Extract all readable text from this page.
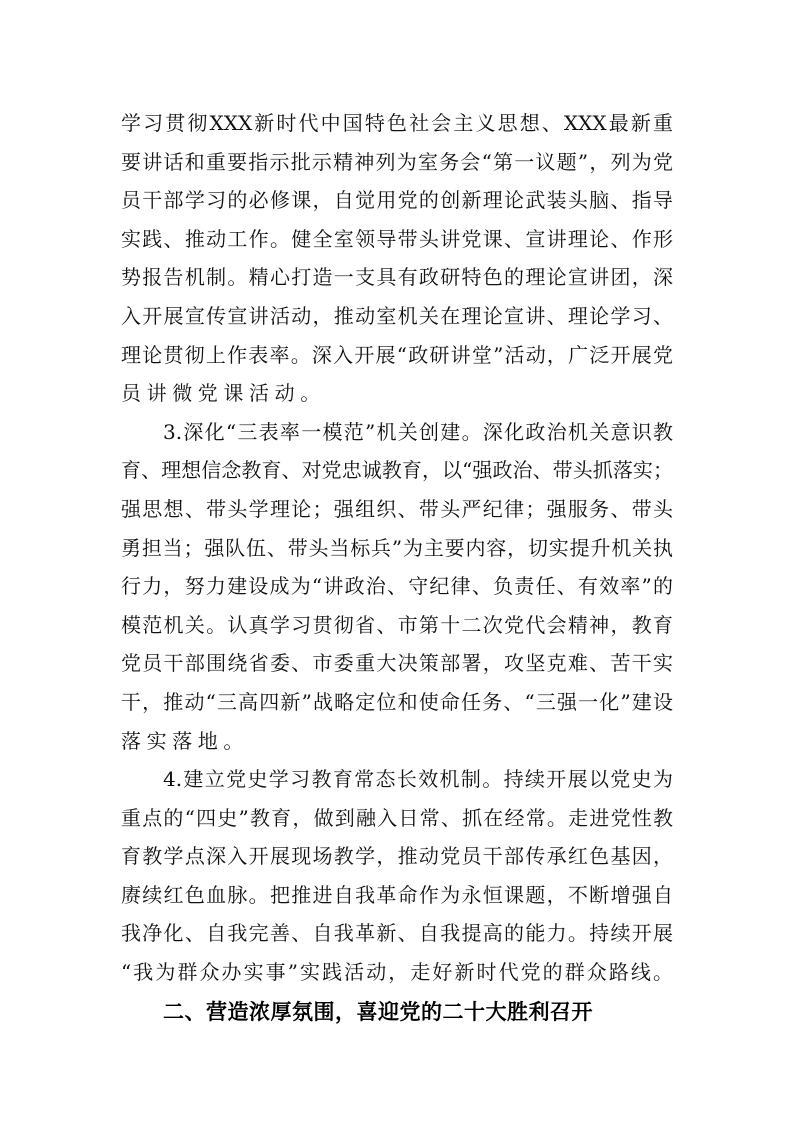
学习贯彻XXX新时代中国特色社会主义思想、XXX最新重
要讲话和重要指示批示精神列为室务会“第一议题”，列为党
员干部学习的必修课，自觉用党的创新理论武装头脑、指导
实践、推动工作。健全室领导带头讲党课、宣讲理论、作形
势报告机制。精心打造一支具有政研特色的理论宣讲团，深
入开展宣传宣讲活动，推动室机关在理论宣讲、理论学习、
理论贯彻上作表率。深入开展“政研讲堂”活动，广泛开展党
员讲微党课活动。
3.深化“三表率一模范”机关创建。深化政治机关意识教
育、理想信念教育、对党忠诚教育，以“强政治、带头抓落实；
强思想、带头学理论；强组织、带头严纪律；强服务、带头
勇担当；强队伍、带头当标兵”为主要内容，切实提升机关执
行力，努力建设成为“讲政治、守纪律、负责任、有效率”的
模范机关。认真学习贯彻省、市第十二次党代会精神，教育
党员干部围绕省委、市委重大决策部署，攻坚克难、苦干实
干，推动“三高四新”战略定位和使命任务、“三强一化”建设
落实落地。
4.建立党史学习教育常态长效机制。持续开展以党史为
重点的“四史”教育，做到融入日常、抓在经常。走进党性教
育教学点深入开展现场教学，推动党员干部传承红色基因，
赓续红色血脉。把推进自我革命作为永恒课题，不断增强自
我净化、自我完善、自我革新、自我提高的能力。持续开展
“我为群众办实事”实践活动，走好新时代党的群众路线。
二、营造浓厚氛围，喜迎党的二十大胜利召开
